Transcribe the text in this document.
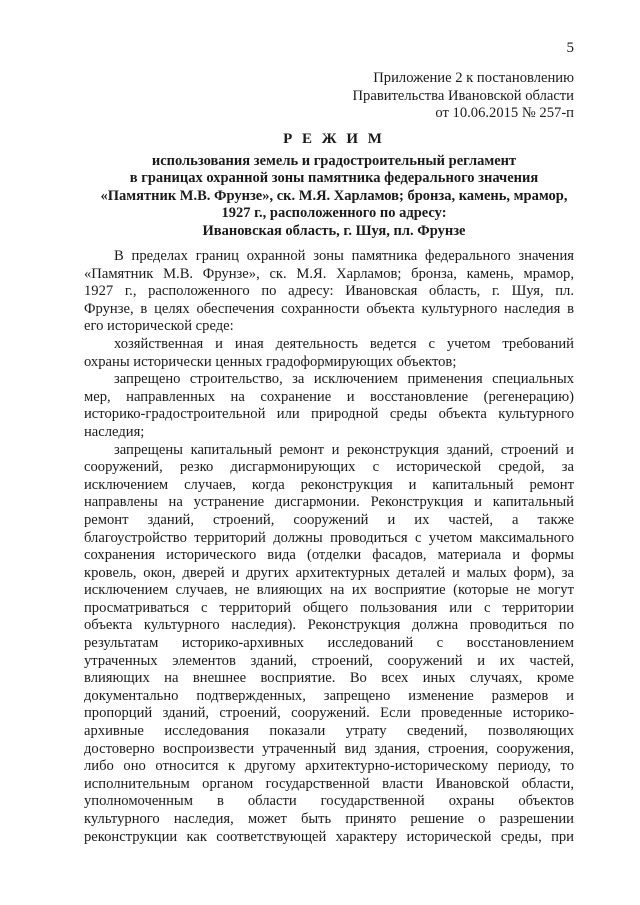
5
Приложение 2 к постановлению
Правительства Ивановской области
от 10.06.2015 № 257-п
Р Е Ж И М
использования земель и градостроительный регламент
в границах охранной зоны памятника федерального значения
«Памятник М.В. Фрунзе», ск. М.Я. Харламов; бронза, камень, мрамор,
1927 г., расположенного по адресу:
Ивановская область, г. Шуя, пл. Фрунзе
В пределах границ охранной зоны памятника федерального значения
«Памятник М.В. Фрунзе», ск. М.Я. Харламов; бронза, камень, мрамор,
1927 г., расположенного по адресу: Ивановская область, г. Шуя, пл.
Фрунзе, в целях обеспечения сохранности объекта культурного наследия в
его исторической среде:
хозяйственная и иная деятельность ведется с учетом требований
охраны исторически ценных градоформирующих объектов;
запрещено строительство, за исключением применения специальных
мер, направленных на сохранение и восстановление (регенерацию)
историко-градостроительной или природной среды объекта культурного
наследия;
запрещены капитальный ремонт и реконструкция зданий, строений и
сооружений, резко дисгармонирующих с исторической средой, за
исключением случаев, когда реконструкция и капитальный ремонт
направлены на устранение дисгармонии. Реконструкция и капитальный
ремонт зданий, строений, сооружений и их частей, а также
благоустройство территорий должны проводиться с учетом максимального
сохранения исторического вида (отделки фасадов, материала и формы
кровель, окон, дверей и других архитектурных деталей и малых форм), за
исключением случаев, не влияющих на их восприятие (которые не могут
просматриваться с территорий общего пользования или с территории
объекта культурного наследия). Реконструкция должна проводиться по
результатам историко-архивных исследований с восстановлением
утраченных элементов зданий, строений, сооружений и их частей,
влияющих на внешнее восприятие. Во всех иных случаях, кроме
документально подтвержденных, запрещено изменение размеров и
пропорций зданий, строений, сооружений. Если проведенные историко-
архивные исследования показали утрату сведений, позволяющих
достоверно воспроизвести утраченный вид здания, строения, сооружения,
либо оно относится к другому архитектурно-историческому периоду, то
исполнительным органом государственной власти Ивановской области,
уполномоченным в области государственной охраны объектов
культурного наследия, может быть принято решение о разрешении
реконструкции как соответствующей характеру исторической среды, при
